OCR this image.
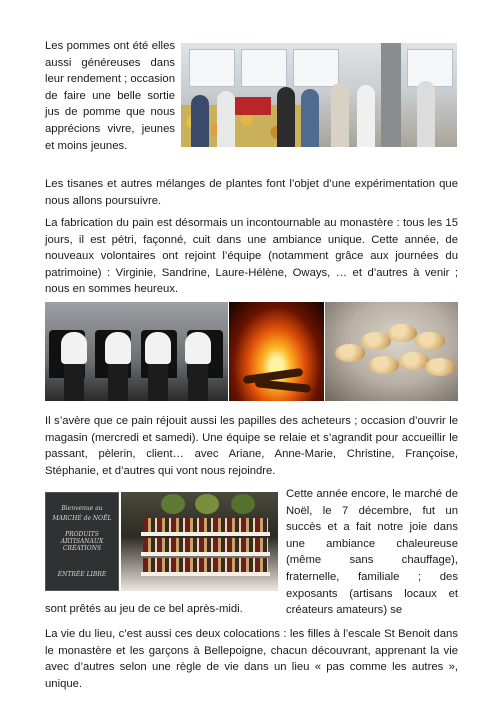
Les pommes ont été elles aussi généreuses dans leur rendement ; occasion de faire une belle sortie jus de pomme que nous apprécions vivre, jeunes et moins jeunes.
Les tisanes et autres mélanges de plantes font l’objet d’une expérimentation que nous allons poursuivre.
La fabrication du pain est désormais un incontournable au monastère : tous les 15 jours, il est pétri, façonné, cuit dans une ambiance unique. Cette année, de nouveaux volontaires ont rejoint l’équipe (notamment grâce aux journées du patrimoine) : Virginie, Sandrine, Laure-Hélène, Oways, … et d’autres à venir ; nous en sommes heureux.
Il s’avère que ce pain réjouit aussi les papilles des acheteurs ; occasion d’ouvrir le magasin (mercredi et samedi). Une équipe se relaie et s’agrandit pour accueillir le passant, pèlerin, client… avec Ariane, Anne-Marie, Christine, Françoise, Stéphanie, et d’autres qui vont nous rejoindre.
Bienvenue au
MARCHÉ de NOËL
PRODUITS ARTISANAUX
CRÉATIONS
ENTRÉE LIBRE
Cette année encore, le marché de Noël, le 7 décembre, fut un succès et a fait notre joie dans une ambiance chaleureuse (même sans chauffage), fraternelle, familiale ; des exposants (artisans locaux et créateurs amateurs) se
sont prêtés au jeu de ce bel après-midi.
La vie du lieu, c’est aussi ces deux colocations : les filles à l’escale St Benoit dans le monastère et les garçons à Bellepoigne, chacun découvrant, apprenant la vie avec d’autres selon une règle de vie dans un lieu « pas comme les autres », unique.
